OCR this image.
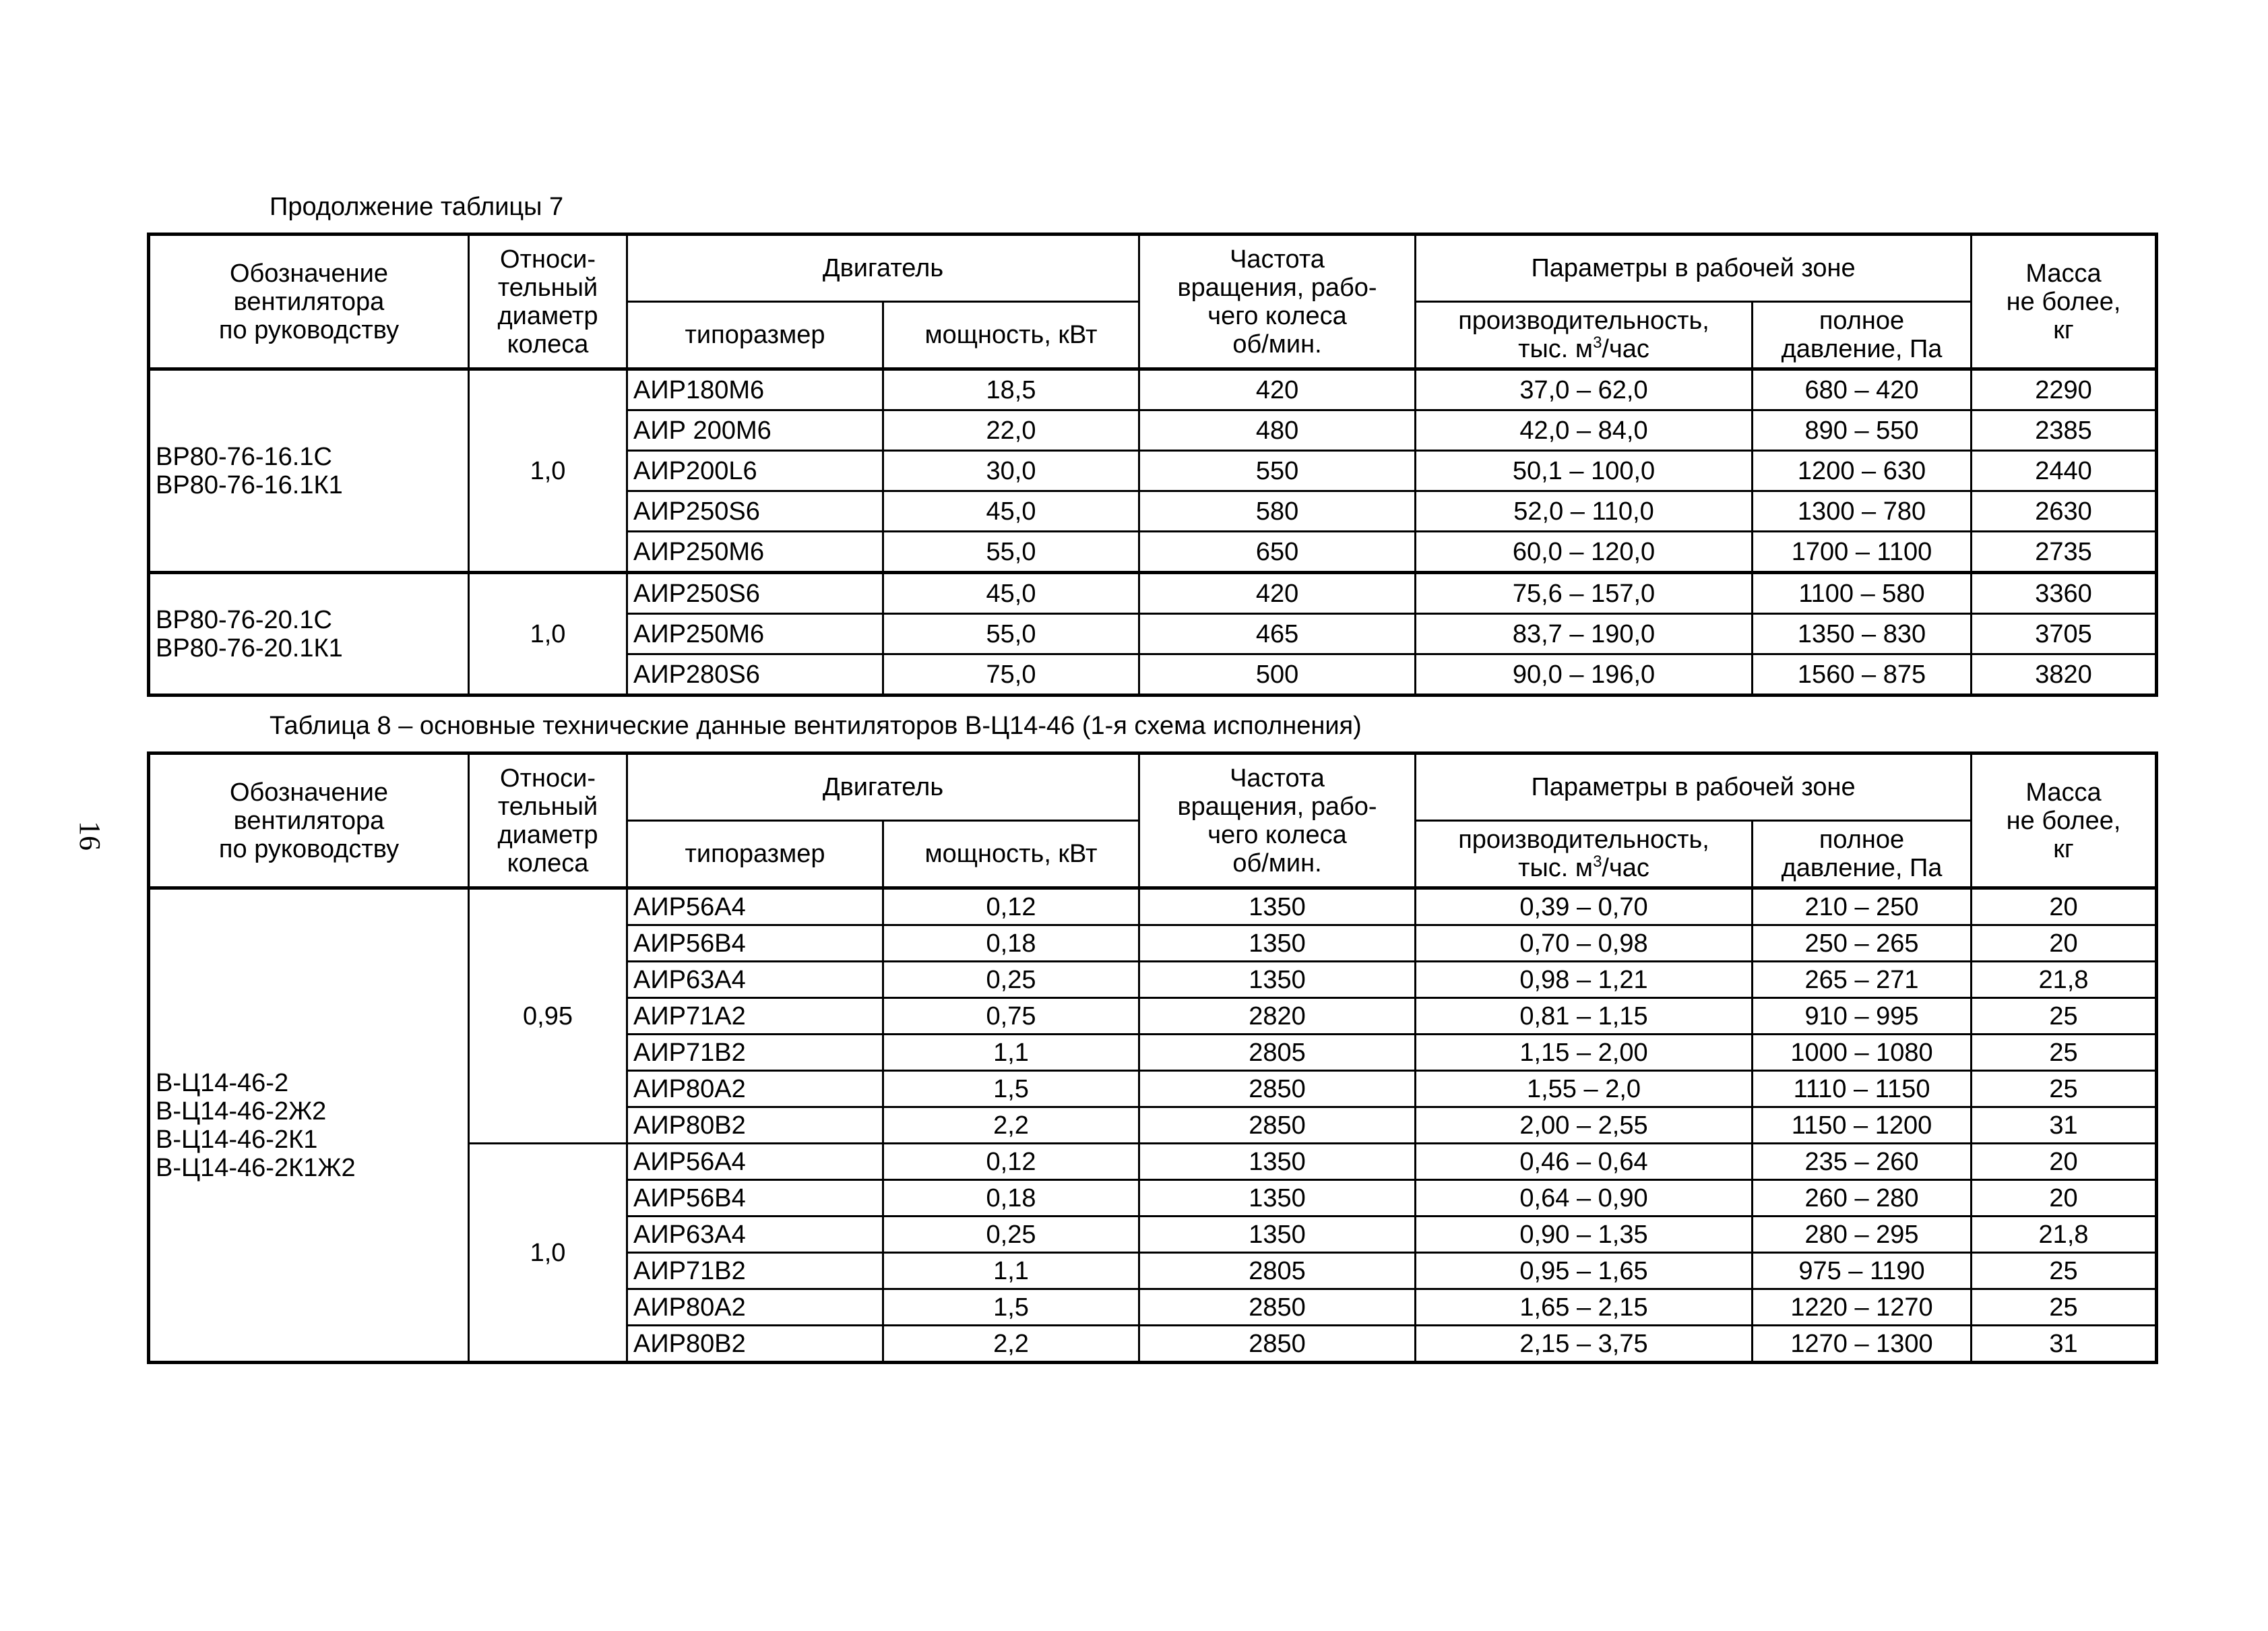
Продолжение таблицы 7
Таблица 8 – основные технические данные вентиляторов В-Ц14-46 (1-я схема исполнения)
16
Обозначение
вентилятора
по руководству	Относи-
тельный
диаметр
колеса	Двигатель		Частота
вращения, рабо-
чего колеса
об/мин.	Параметры в рабочей зоне		Масса
не более,
кг
		типоразмер	мощность, кВт		производительность,
тыс. $м^3$/час	полное
давление, Па	
ВР80-76-16.1С
ВР80-76-16.1К1	1,0	АИР180М6	18,5	420	37,0 – 62,0	680 – 420	2290
		АИР 200М6	22,0	480	42,0 – 84,0	890 – 550	2385
		АИР200L6	30,0	550	50,1 – 100,0	1200 – 630	2440
		АИР250S6	45,0	580	52,0 – 110,0	1300 – 780	2630
		АИР250М6	55,0	650	60,0 – 120,0	1700 – 1100	2735
ВР80-76-20.1С
ВР80-76-20.1К1	1,0	АИР250S6	45,0	420	75,6 – 157,0	1100 – 580	3360
		АИР250М6	55,0	465	83,7 – 190,0	1350 – 830	3705
		АИР280S6	75,0	500	90,0 – 196,0	1560 – 875	3820
Обозначение
вентилятора
по руководству	Относи-
тельный
диаметр
колеса	Двигатель		Частота
вращения, рабо-
чего колеса
об/мин.	Параметры в рабочей зоне		Масса
не более,
кг
		типоразмер	мощность, кВт		производительность,
тыс. $м^3$/час	полное
давление, Па	
В-Ц14-46-2
В-Ц14-46-2Ж2
В-Ц14-46-2К1
В-Ц14-46-2К1Ж2	0,95	АИР56А4	0,12	1350	0,39 – 0,70	210 – 250	20
		АИР56В4	0,18	1350	0,70 – 0,98	250 – 265	20
		АИР63А4	0,25	1350	0,98 – 1,21	265 – 271	21,8
		АИР71А2	0,75	2820	0,81 – 1,15	910 – 995	25
		АИР71В2	1,1	2805	1,15 – 2,00	1000 – 1080	25
		АИР80А2	1,5	2850	1,55 – 2,0	1110 – 1150	25
		АИР80В2	2,2	2850	2,00 – 2,55	1150 – 1200	31
	1,0	АИР56А4	0,12	1350	0,46 – 0,64	235 – 260	20
		АИР56В4	0,18	1350	0,64 – 0,90	260 – 280	20
		АИР63А4	0,25	1350	0,90 – 1,35	280 – 295	21,8
		АИР71В2	1,1	2805	0,95 – 1,65	975 – 1190	25
		АИР80А2	1,5	2850	1,65 – 2,15	1220 – 1270	25
		АИР80В2	2,2	2850	2,15 – 3,75	1270 – 1300	31
